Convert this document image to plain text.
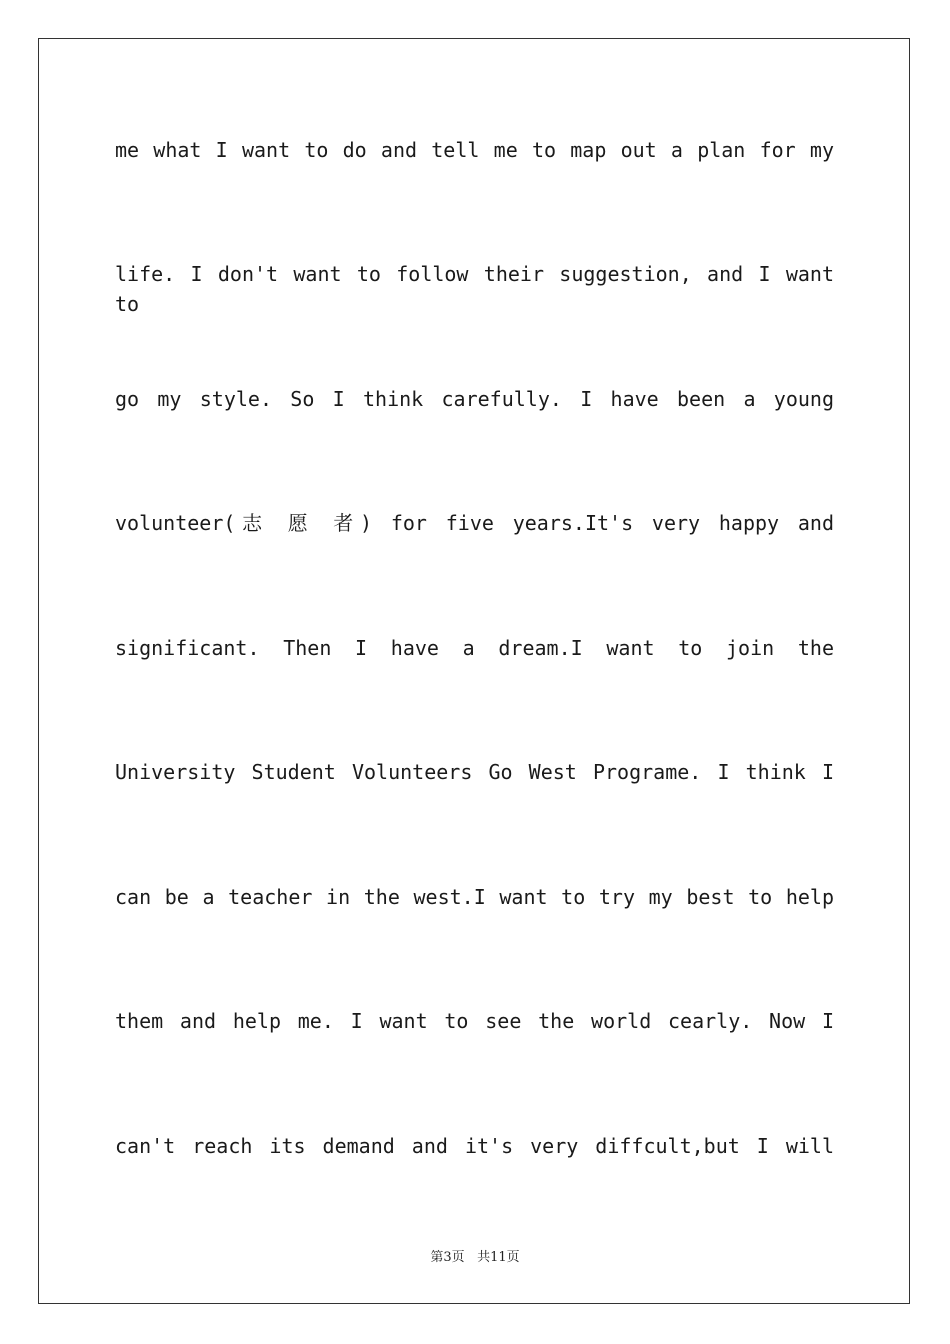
me what I want to do and tell me to map out a plan for my
life. I don't want to follow their suggestion, and I want to
go my style. So I think carefully. I have been a young
volunteer(志 愿 者) for five years.It's very happy and
significant. Then I have a dream.I want to join the
University Student Volunteers Go West Programe. I think I
can be a teacher in the west.I want to try my best to help
them and help me. I want to see the world cearly. Now I
can't reach its demand and it's very diffcult,but I will
第3页 共11页
